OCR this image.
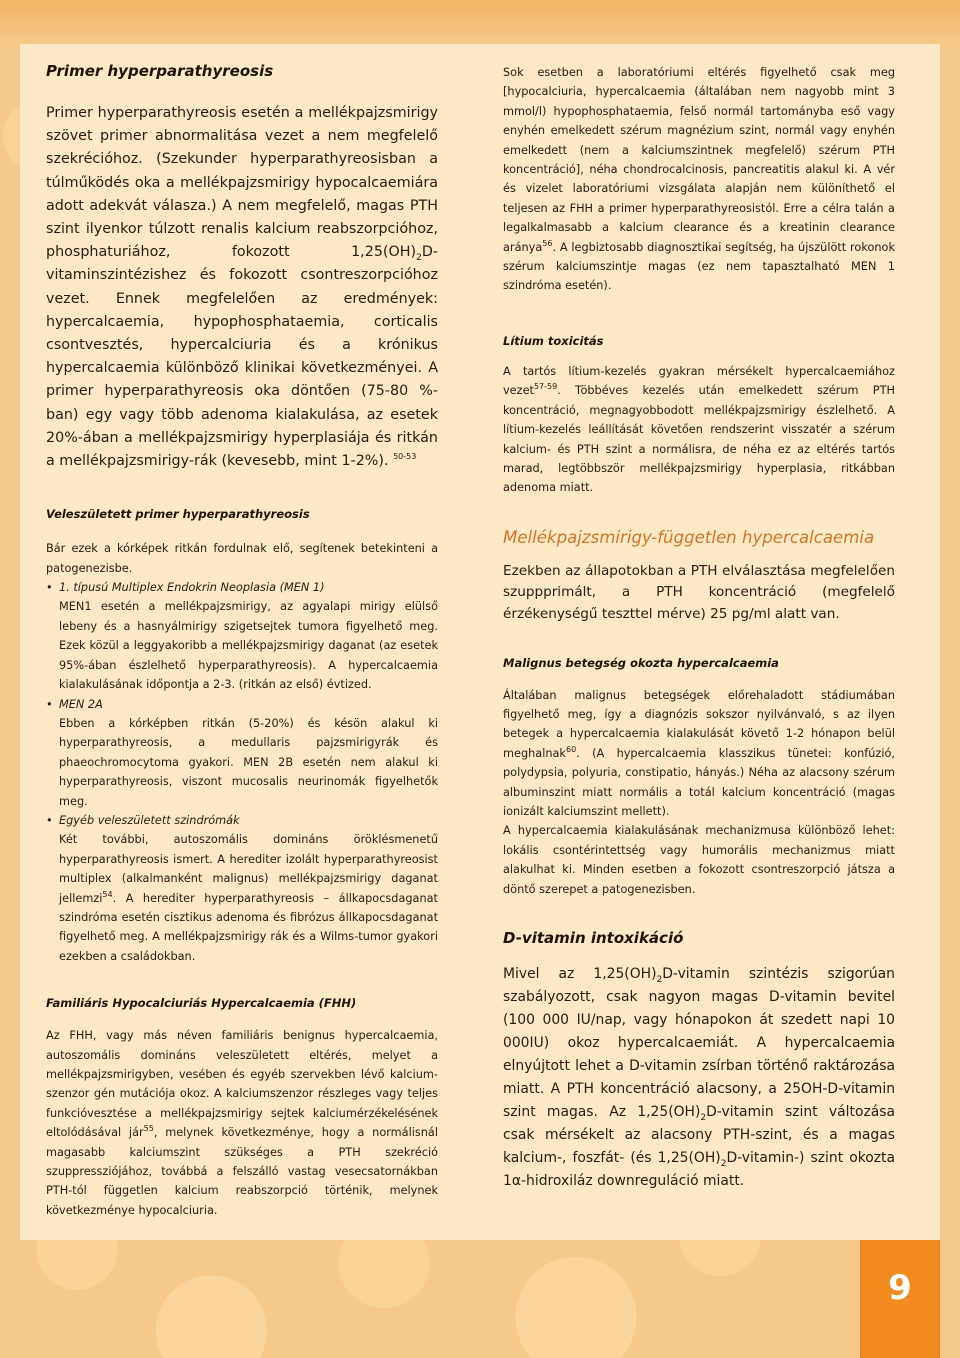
Primer hyperparathyreosis

Primer hyperparathyreosis esetén a mellékpajzsmirigy szövet primer abnormalitása vezet a nem megfelelő szekrécióhoz. (Szekunder hyperparathyreosisban a túlműködés oka a mellékpajzsmirigy hypocalcaemiára adott adekvát válasza.) A nem megfelelő, magas PTH szint ilyenkor túlzott renalis kalcium reabszorpcióhoz, phosphaturiához, fokozott $1,25(OH)_2D$-vitaminszintézishez és fokozott csontreszorpcióhoz vezet. Ennek megfelelően az eredmények: hypercalcaemia, hypophosphataemia, corticalis csontvesztés, hypercalciuria és a krónikus hypercalcaemia különböző klinikai következményei. A primer hyperparathyreosis oka döntően (75-80 %-ban) egy vagy több adenoma kialakulása, az esetek 20%-ában a mellékpajzsmirigy hyperplasiája és ritkán a mellékpajzsmirigy-rák (kevesebb, mint 1-2%). $^{50-53}$

Veleszületett primer hyperparathyreosis

Bár ezek a kórképek ritkán fordulnak elő, segítenek betekinteni a patogenezisbe.

• 1. típusú Multiplex Endokrin Neoplasia (MEN 1)
MEN1 esetén a mellékpajzsmirigy, az agyalapi mirigy elülső lebeny és a hasnyálmirigy szigetsejtek tumora figyelhető meg. Ezek közül a leggyakoribb a mellékpajzsmirigy daganat (az esetek 95%-ában észlelhető hyperparathyreosis). A hypercalcaemia kialakulásának időpontja a 2-3. (ritkán az első) évtized.
• MEN 2A
Ebben a kórképben ritkán (5-20%) és késön alakul ki hyperparathyreosis, a medullaris pajzsmirigyrák és phaeochromocytoma gyakori. MEN 2B esetén nem alakul ki hyperparathyreosis, viszont mucosalis neurinomák figyelhetők meg.
• Egyéb veleszületett szindrómák
Két további, autoszomális domináns öröklésmenetű hyperparathyreosis ismert. A herediter izolált hyperparathyreosist multiplex (alkalmanként malignus) mellékpajzsmirigy daganat jellemzi$^{54}$. A herediter hyperparathyreosis – állkapocsdaganat szindróma esetén cisztikus adenoma és fibrózus állkapocsdaganat figyelhető meg. A mellékpajzsmirigy rák és a Wilms-tumor gyakori ezekben a családokban.
Familiáris Hypocalciuriás Hypercalcaemia (FHH)

Az FHH, vagy más néven familiáris benignus hypercalcaemia, autoszomális domináns veleszületett eltérés, melyet a mellékpajzsmirigyben, vesében és egyéb szervekben lévő kalcium-szenzor gén mutációja okoz. A kalciumszenzor részleges vagy teljes funkcióvesztése a mellékpajzsmirigy sejtek kalciumérzékelésének eltolódásával jár$^{55}$, melynek következménye, hogy a normálisnál magasabb kalciumszint szükséges a PTH szekréció szuppressziójához, továbbá a felszálló vastag vesecsatornákban PTH-tól független kalcium reabszorpció történik, melynek következménye hypocalciuria.

Sok esetben a laboratóriumi eltérés figyelhető csak meg [hypocalciuria, hypercalcaemia (általában nem nagyobb mint 3 mmol/l) hypophosphataemia, felső normál tartományba eső vagy enyhén emelkedett szérum magnézium szint, normál vagy enyhén emelkedett (nem a kalciumszintnek megfelelő) szérum PTH koncentráció], néha chondrocalcinosis, pancreatitis alakul ki. A vér és vizelet laboratóriumi vizsgálata alapján nem különíthető el teljesen az FHH a primer hyperparathyreosistól. Erre a célra talán a legalkalmasabb a kalcium clearance és a kreatinin clearance aránya$^{56}$. A legbiztosabb diagnosztikai segítség, ha újszülött rokonok szérum kalciumszintje magas (ez nem tapasztalható MEN 1 szindróma esetén).

Lítium toxicitás

A tartós lítium-kezelés gyakran mérsékelt hypercalcaemiához vezet$^{57-59}$. Többéves kezelés után emelkedett szérum PTH koncentráció, megnagyobbodott mellékpajzsmirigy észlelhető. A lítium-kezelés leállítását követően rendszerint visszatér a szérum kalcium- és PTH szint a normálisra, de néha ez az eltérés tartós marad, legtöbbször mellékpajzsmirigy hyperplasia, ritkábban adenoma miatt.

Mellékpajzsmirigy-független hypercalcaemia

Ezekben az állapotokban a PTH elválasztása megfelelően szuppprimált, a PTH koncentráció (megfelelő érzékenységű teszttel mérve) 25 pg/ml alatt van.

Malignus betegség okozta hypercalcaemia

Általában malignus betegségek előrehaladott stádiumában figyelhető meg, így a diagnózis sokszor nyilvánvaló, s az ilyen betegek a hypercalcaemia kialakulását követő 1-2 hónapon belül meghalnak$^{60}$. (A hypercalcaemia klasszikus tünetei: konfúzió, polydypsia, polyuria, constipatio, hányás.) Néha az alacsony szérum albuminszint miatt normális a totál kalcium koncentráció (magas ionizált kalciumszint mellett).

A hypercalcaemia kialakulásának mechanizmusa különböző lehet: lokális csontérintettség vagy humorális mechanizmus miatt alakulhat ki. Minden esetben a fokozott csontreszorpció játsza a döntő szerepet a patogenezisben.

D-vitamin intoxikáció

Mivel az $1,25(OH)_2D$-vitamin szintézis szigorúan szabályozott, csak nagyon magas D-vitamin bevitel (100 000 IU/nap, vagy hónapokon át szedett napi 10 000IU) okoz hypercalcaemiát. A hypercalcaemia elnyújtott lehet a D-vitamin zsírban történő raktározása miatt. A PTH koncentráció alacsony, a 25OH-D-vitamin szint magas. Az $1,25(OH)_2D$-vitamin szint változása csak mérsékelt az alacsony PTH-szint, és a magas kalcium-, foszfát- (és $1,25(OH)_2D-vitamin-$) szint okozta 1α-hidroxiláz downreguláció miatt.

9
